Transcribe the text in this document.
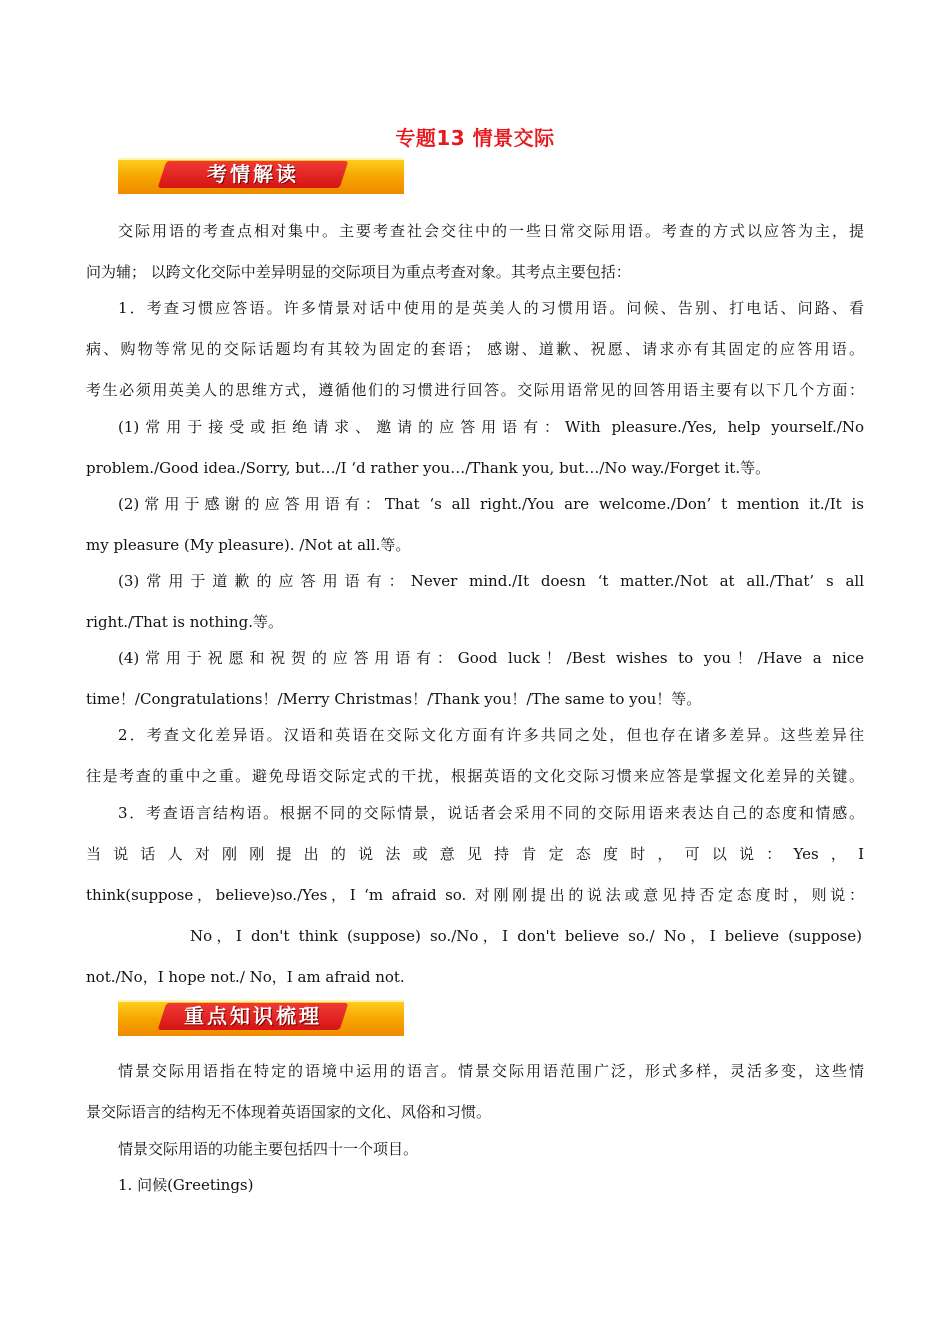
专题13 情景交际
考情解读
交际用语的考查点相对集中。主要考查社会交往中的一些日常交际用语。考查的方式以应答为主，提
问为辅； 以跨文化交际中差异明显的交际项目为重点考查对象。其考点主要包括：
1．考查习惯应答语。许多情景对话中使用的是英美人的习惯用语。问候、告别、打电话、问路、看
病、购物等常见的交际话题均有其较为固定的套语； 感谢、道歉、祝愿、请求亦有其固定的应答用语。
考生必须用英美人的思维方式，遵循他们的习惯进行回答。交际用语常见的回答用语主要有以下几个方面：
(1)常用于接受或拒绝请求、邀请的应答用语有：With pleasure./Yes, help yourself./No
problem./Good idea./Sorry, but…/I ‘d rather you…/Thank you, but…/No way./Forget it.等。
(2)常用于感谢的应答用语有：That ‘s all right./You are welcome./Don’ t mention it./It is
my pleasure (My pleasure). /Not at all.等。
(3)常用于道歉的应答用语有：Never mind./It doesn ‘t matter./Not at all./That’ s all
right./That is nothing.等。
(4)常用于祝愿和祝贺的应答用语有：Good luck！/Best wishes to you！/Have a nice
time！/Congratulations！/Merry Christmas！/Thank you！/The same to you！等。
2．考查文化差异语。汉语和英语在交际文化方面有许多共同之处，但也存在诸多差异。这些差异往
往是考查的重中之重。避免母语交际定式的干扰，根据英语的文化交际习惯来应答是掌握文化差异的关键。
3．考查语言结构语。根据不同的交际情景，说话者会采用不同的交际用语来表达自己的态度和情感。
当说话人对刚刚提出的说法或意见持肯定态度时，可以说：Yes，I
think(suppose，believe)so./Yes，I ‘m afraid so. 对刚刚提出的说法或意见持否定态度时，则说：
No，I don't think (suppose) so./No，I don't believe so./ No，I believe (suppose)
not./No，I hope not./ No，I am afraid not.
重点知识梳理
情景交际用语指在特定的语境中运用的语言。情景交际用语范围广泛，形式多样，灵活多变，这些情
景交际语言的结构无不体现着英语国家的文化、风俗和习惯。
情景交际用语的功能主要包括四十一个项目。
1. 问候(Greetings)
